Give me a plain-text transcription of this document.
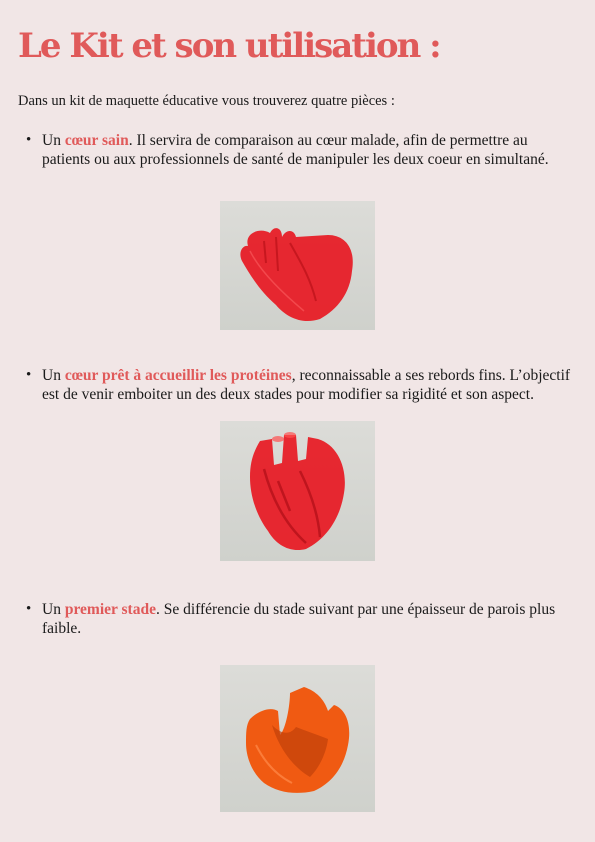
Le Kit et son utilisation :

Dans un kit de maquette éducative vous trouverez quatre pièces :

• Un cœur sain. Il servira de comparaison au cœur malade, afin de permettre au patients ou aux professionnels de santé de manipuler les deux coeur en simultané.

• Un cœur prêt à accueillir les protéines, reconnaissable a ses rebords fins. L’objectif est de venir emboiter un des deux stades pour modifier sa rigidité et son aspect.

• Un premier stade. Se différencie du stade suivant par une épaisseur de parois plus faible.
